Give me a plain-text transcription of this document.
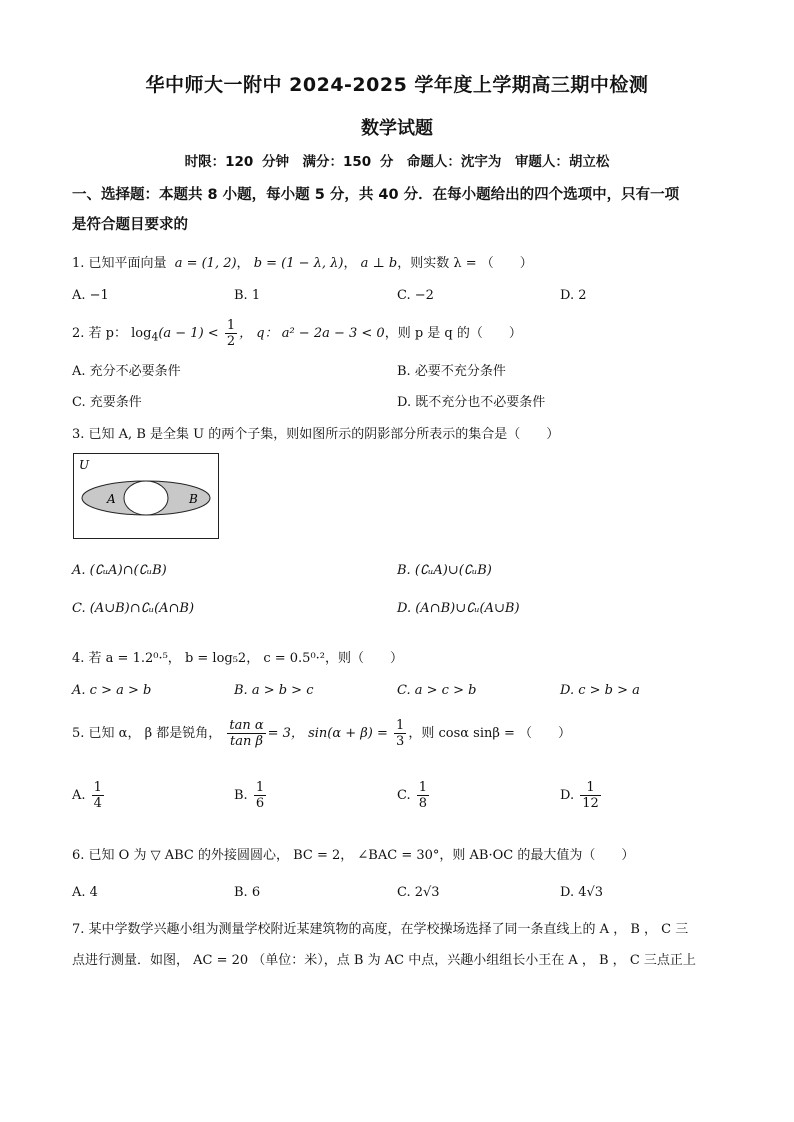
华中师大一附中 2024-2025 学年度上学期高三期中检测
数学试题
时限：120 分钟　满分：150 分　命题人：沈宇为　审题人：胡立松
一、选择题：本题共 8 小题，每小题 5 分，共 40 分．在每小题给出的四个选项中，只有一项
是符合题目要求的
1. 已知平面向量 a = (1, 2)， b = (1 − λ, λ)， a ⊥ b，则实数 λ = （　　）
A. −1	B. 1	C. −2	D. 2
2. 若 p： $\log_4(a - 1) < \frac{1}{2}$ ， q： a² − 2a − 3 < 0，则 p 是 q 的（　　）
A. 充分不必要条件	B. 必要不充分条件
C. 充要条件	D. 既不充分也不必要条件
3. 已知 A, B 是全集 U 的两个子集，则如图所示的阴影部分所表示的集合是（　　）
U
A	B
A. (∁ᵤA)∩(∁ᵤB)	B. (∁ᵤA)∪(∁ᵤB)
C. (A∪B)∩∁ᵤ(A∩B)	D. (A∩B)∪∁ᵤ(A∪B)
4. 若 a = 1.2⁰·⁵， b = log₅2， c = 0.5⁰·²，则（　　）
A. c > a > b	B. a > b > c	C. a > c > b	D. c > b > a
5. 已知 α， β 都是锐角， $\frac{\text{tan α}}{\text{tan β}} = 3$， $\sin(\alpha + \beta) = \frac{1}{3}$ ，则 cosα sinβ = （　　）
A. $\frac{1}{4}$	B. $\frac{1}{6}$	C. $\frac{1}{8}$	D. $\frac{1}{12}$
6. 已知 O 为 ▽ ABC 的外接圆圆心， BC = 2， ∠BAC = 30°，则 AB·OC 的最大值为（　　）
A. 4	B. 6	C. 2√3	D. 4√3
7. 某中学数学兴趣小组为测量学校附近某建筑物的高度，在学校操场选择了同一条直线上的 A ， B ， C 三
点进行测量．如图， AC = 20 （单位：米），点 B 为 AC 中点，兴趣小组组长小王在 A ， B ， C 三点正上
